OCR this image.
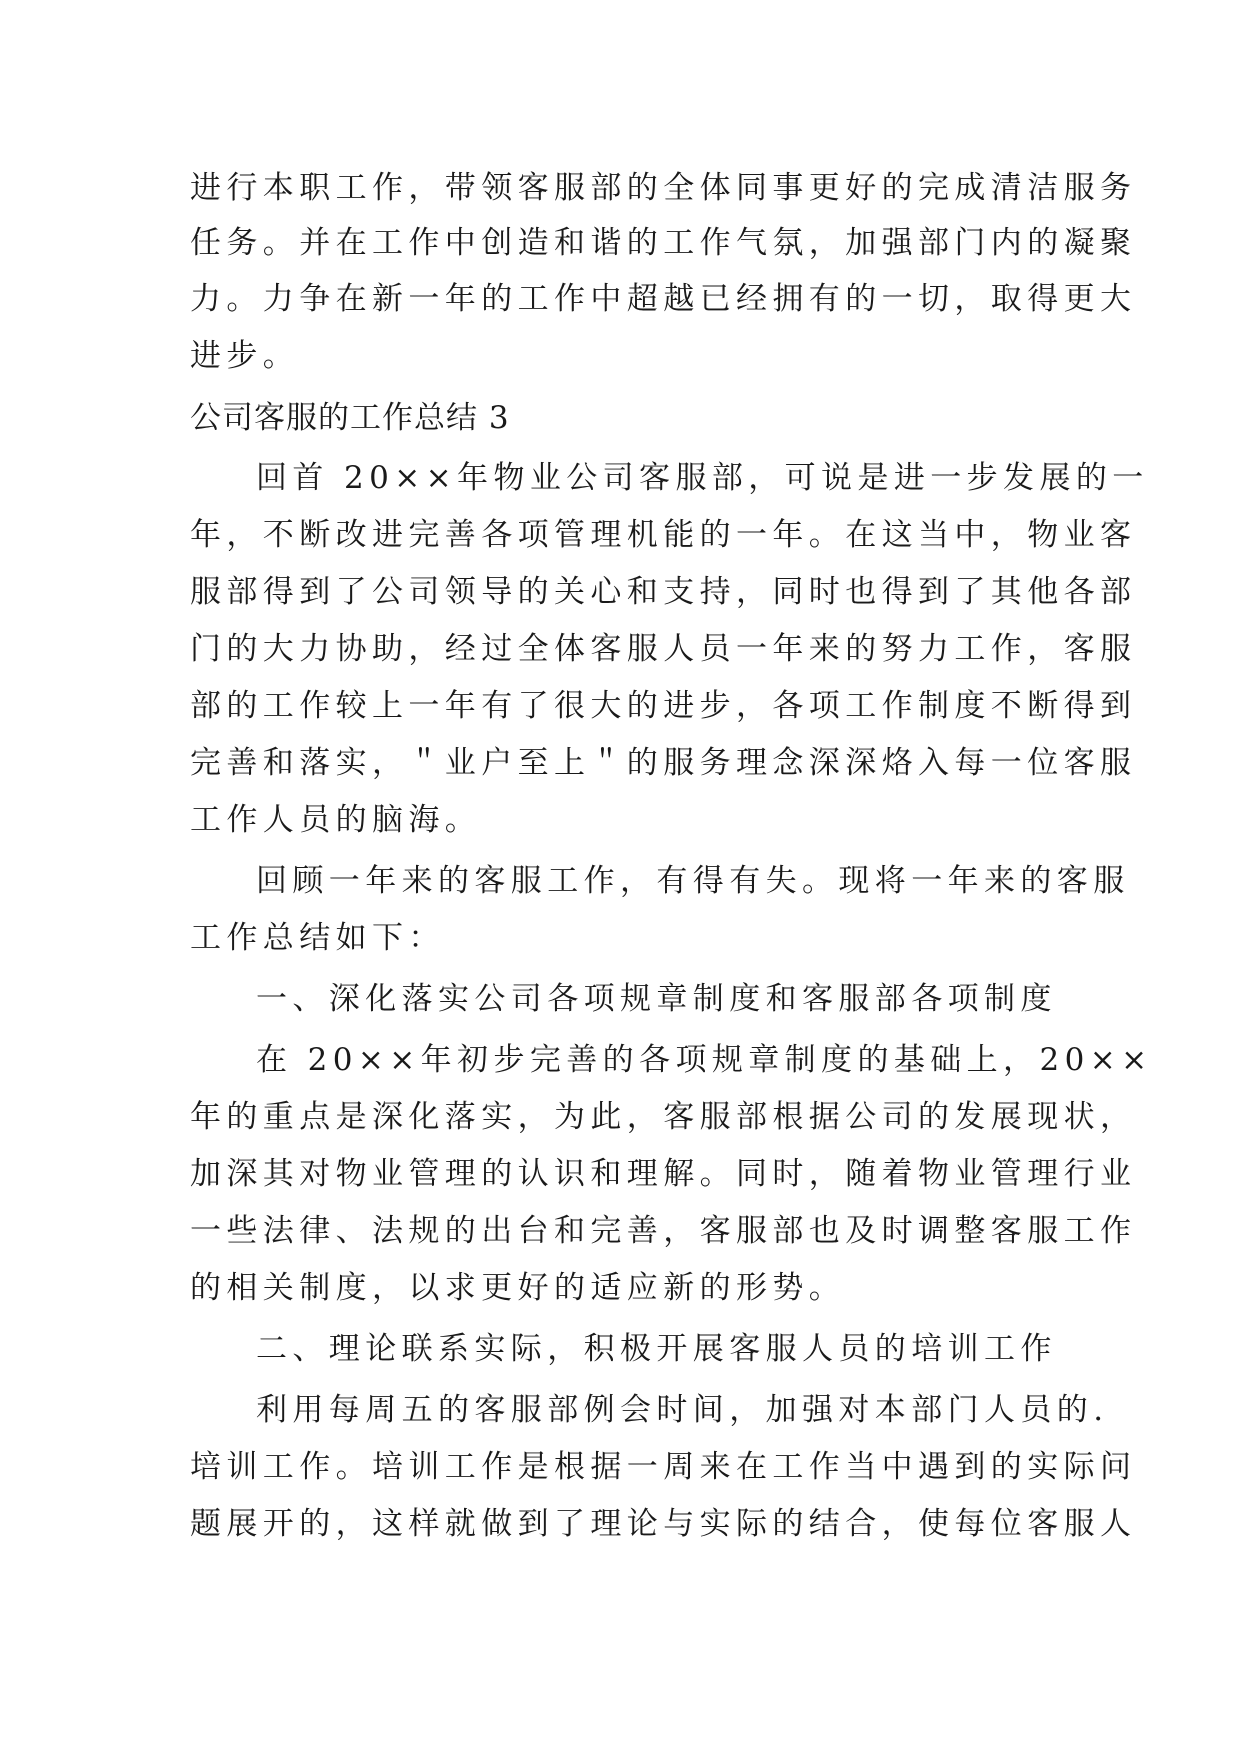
进行本职工作，带领客服部的全体同事更好的完成清洁服务

任务。并在工作中创造和谐的工作气氛，加强部门内的凝聚

力。力争在新一年的工作中超越已经拥有的一切，取得更大

进步。

公司客服的工作总结 3

回首 20××年物业公司客服部，可说是进一步发展的一

年，不断改进完善各项管理机能的一年。在这当中，物业客

服部得到了公司领导的关心和支持，同时也得到了其他各部

门的大力协助，经过全体客服人员一年来的努力工作，客服

部的工作较上一年有了很大的进步，各项工作制度不断得到

完善和落实，＂业户至上＂的服务理念深深烙入每一位客服

工作人员的脑海。

回顾一年来的客服工作，有得有失。现将一年来的客服

工作总结如下：

一、深化落实公司各项规章制度和客服部各项制度

在 20××年初步完善的各项规章制度的基础上，20××

年的重点是深化落实，为此，客服部根据公司的发展现状，

加深其对物业管理的认识和理解。同时，随着物业管理行业

一些法律、法规的出台和完善，客服部也及时调整客服工作

的相关制度，以求更好的适应新的形势。

二、理论联系实际，积极开展客服人员的培训工作

利用每周五的客服部例会时间，加强对本部门人员的.

培训工作。培训工作是根据一周来在工作当中遇到的实际问

题展开的，这样就做到了理论与实际的结合，使每位客服人
